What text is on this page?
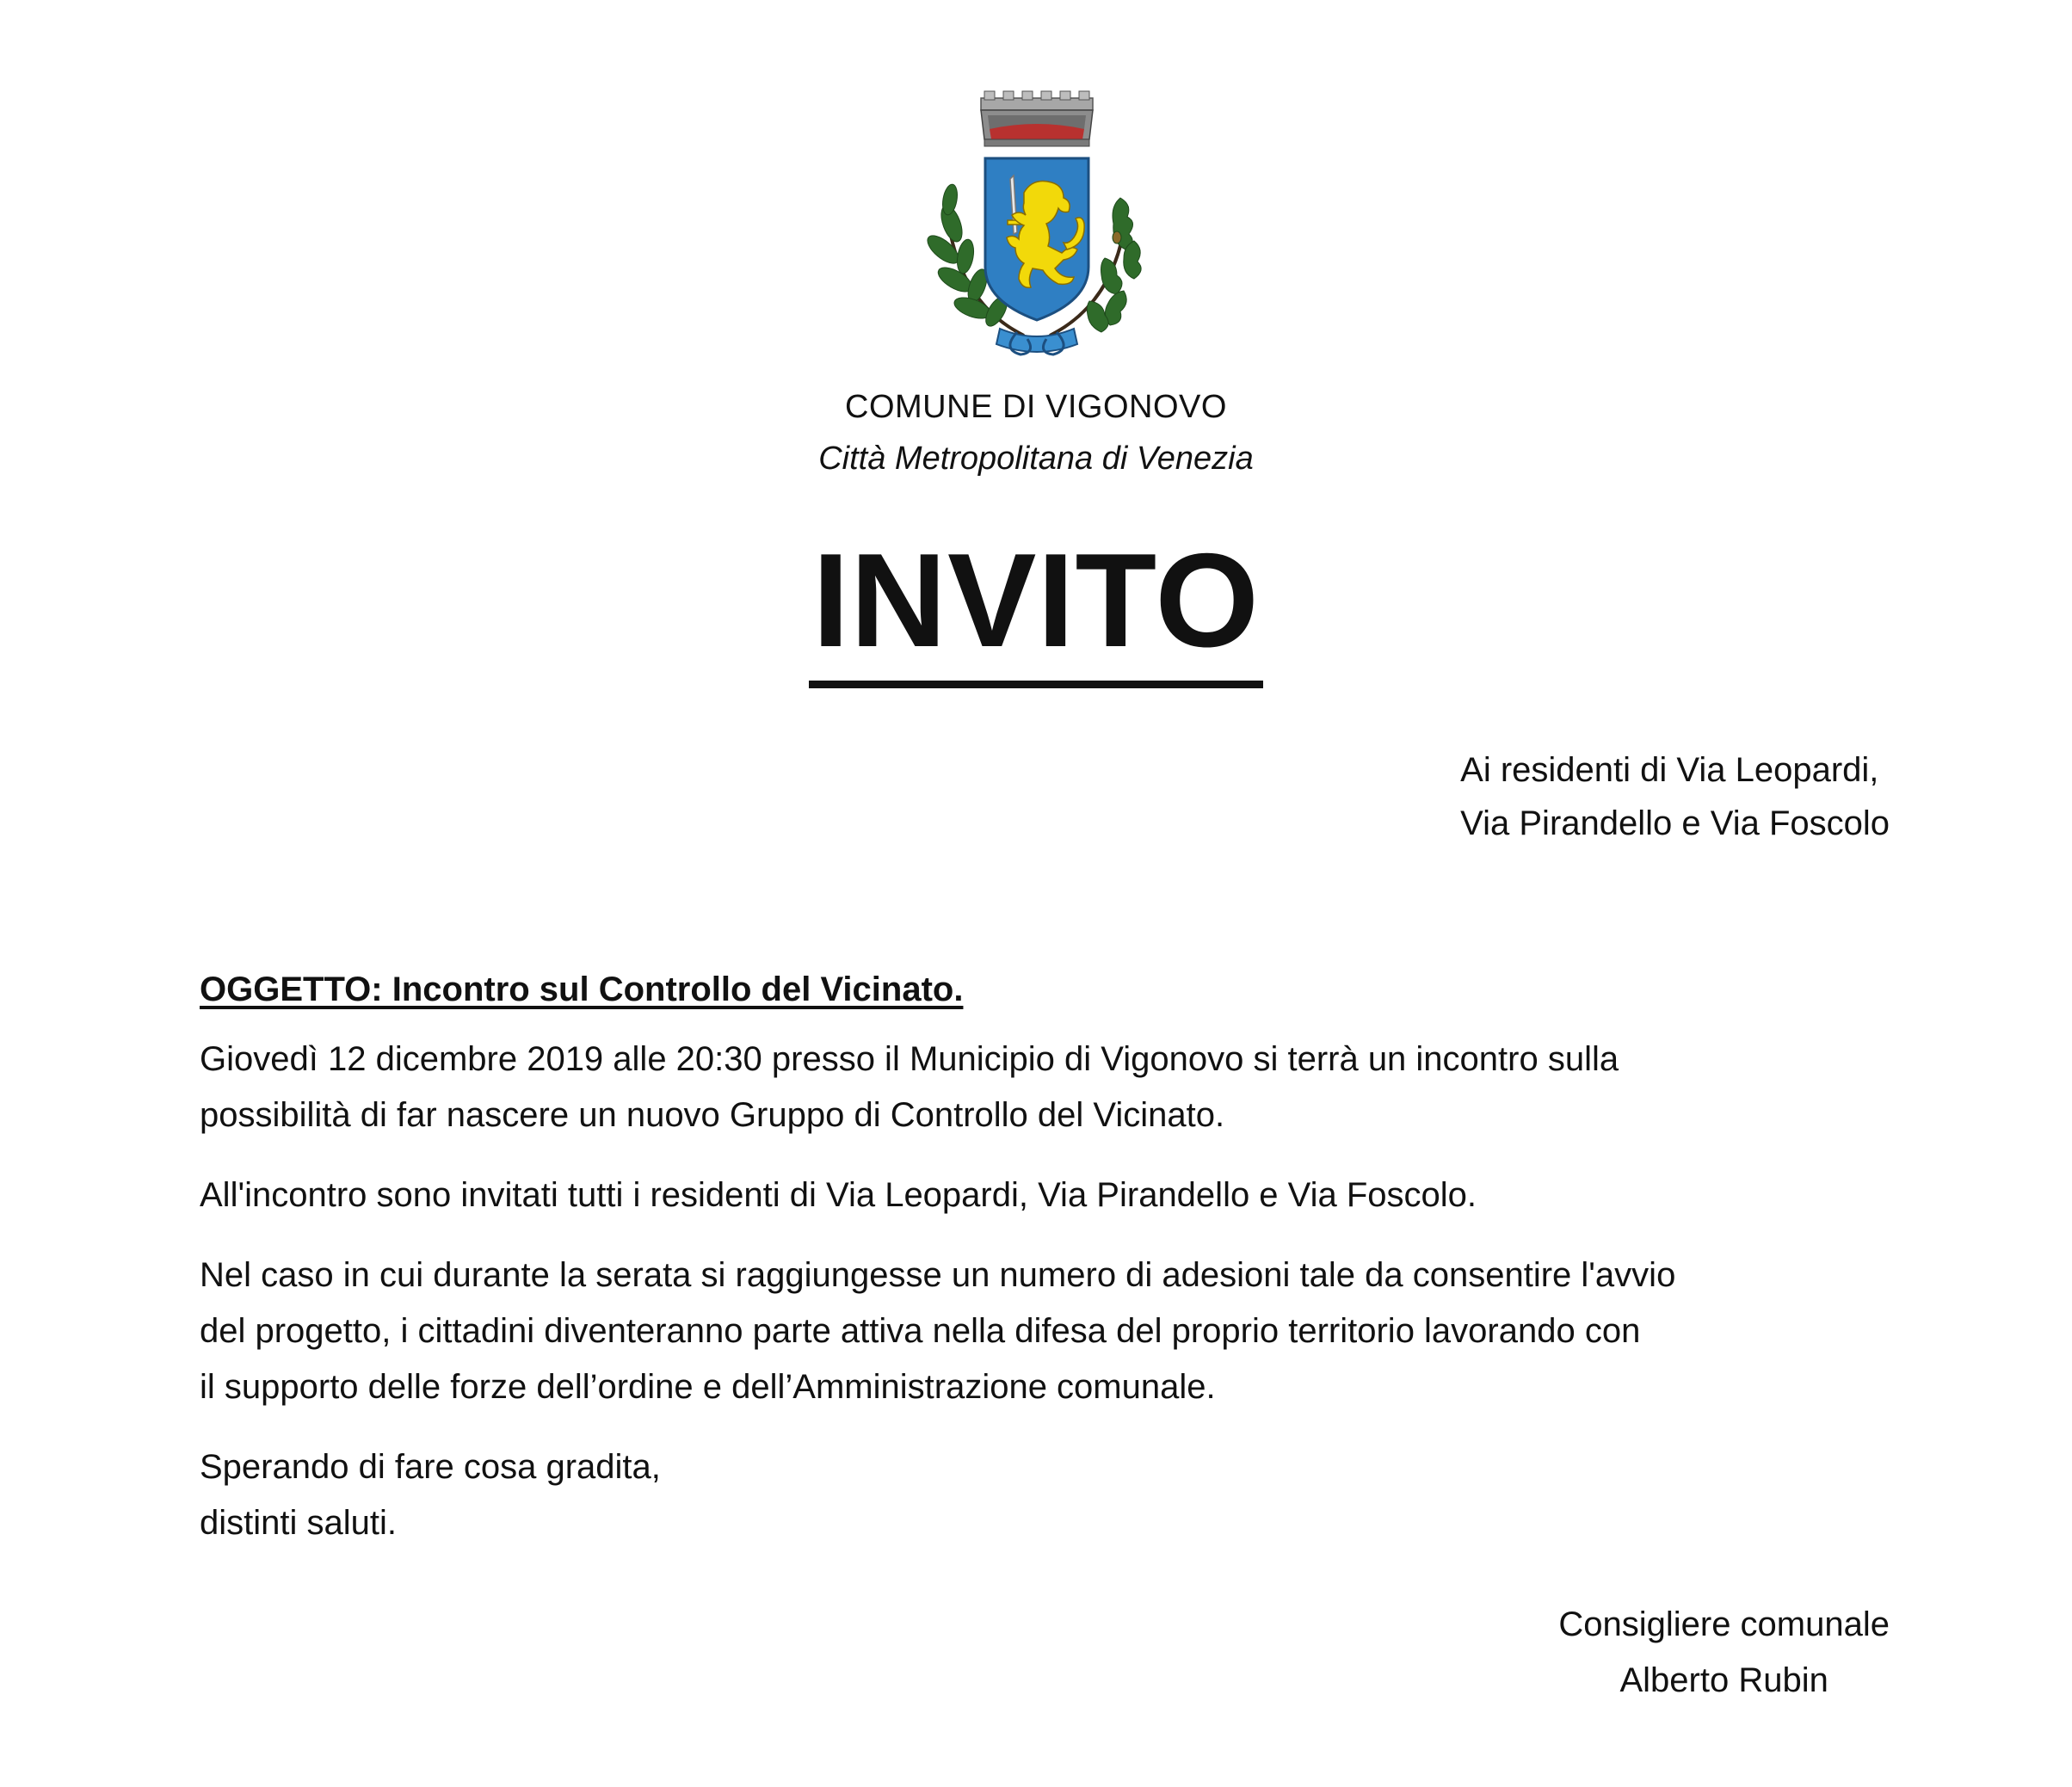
COMUNE DI VIGONOVO
Città Metropolitana di Venezia
INVITO
Ai residenti di Via Leopardi,
Via Pirandello e Via Foscolo
OGGETTO: Incontro sul Controllo del Vicinato.
Giovedì 12 dicembre 2019 alle 20:30 presso il Municipio di Vigonovo si terrà un incontro sulla
possibilità di far nascere un nuovo Gruppo di Controllo del Vicinato.
All'incontro sono invitati tutti i residenti di Via Leopardi, Via Pirandello e Via Foscolo.
Nel caso in cui durante la serata si raggiungesse un numero di adesioni tale da consentire l'avvio
del progetto, i cittadini diventeranno parte attiva nella difesa del proprio territorio lavorando con
il supporto delle forze dell’ordine e dell’Amministrazione comunale.
Sperando di fare cosa gradita,
distinti saluti.
Consigliere comunale
Alberto Rubin
